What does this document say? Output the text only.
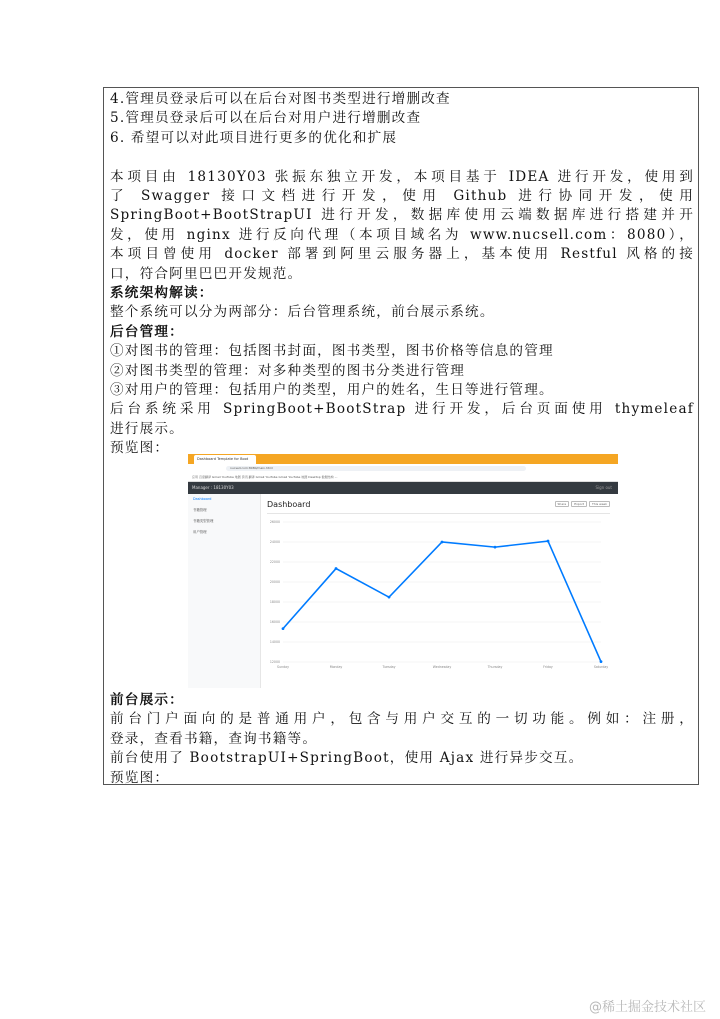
4.管理员登录后可以在后台对图书类型进行增删改查
5.管理员登录后可以在后台对用户进行增删改查
6. 希望可以对此项目进行更多的优化和扩展
本项目由 18130Y03 张振东独立开发，本项目基于 IDEA 进行开发，使用到
了 Swagger 接口文档进行开发，使用 Github 进行协同开发，使用
SpringBoot+BootStrapUI 进行开发，数据库使用云端数据库进行搭建并开
发，使用 nginx 进行反向代理（本项目域名为 www.nucsell.com：8080），
本项目曾使用 docker 部署到阿里云服务器上，基本使用 Restful 风格的接
口，符合阿里巴巴开发规范。
系统架构解读：
整个系统可以分为两部分：后台管理系统，前台展示系统。
后台管理：
①对图书的管理：包括图书封面，图书类型，图书价格等信息的管理
②对图书类型的管理：对多种类型的图书分类进行管理
③对用户的管理：包括用户的类型，用户的姓名，生日等进行管理。
后台系统采用 SpringBoot+BootStrap 进行开发，后台页面使用 thymeleaf
进行展示。
预览图：
Dashboard Template for Boot
nucsell.com:8080/main.html
应用 百度翻译 Gmail YouTube 地图 资讯 翻译 Gmail YouTube Gmail YouTube 地图 Desktop 数据结构 ...
Manager : 18130Y03	Sign out
Dashboard
书籍管理
书籍类型管理
用户管理
Dashboard	Share	Export	This week
26000
24000
22000
20000
18000
16000
14000
12000
Sunday	Monday	Tuesday	Wednesday	Thursday	Friday	Saturday
前台展示：
前台门户面向的是普通用户，包含与用户交互的一切功能。例如：注册，
登录，查看书籍，查询书籍等。
前台使用了 BootstrapUI+SpringBoot，使用 Ajax 进行异步交互。
预览图：
@稀土掘金技术社区
